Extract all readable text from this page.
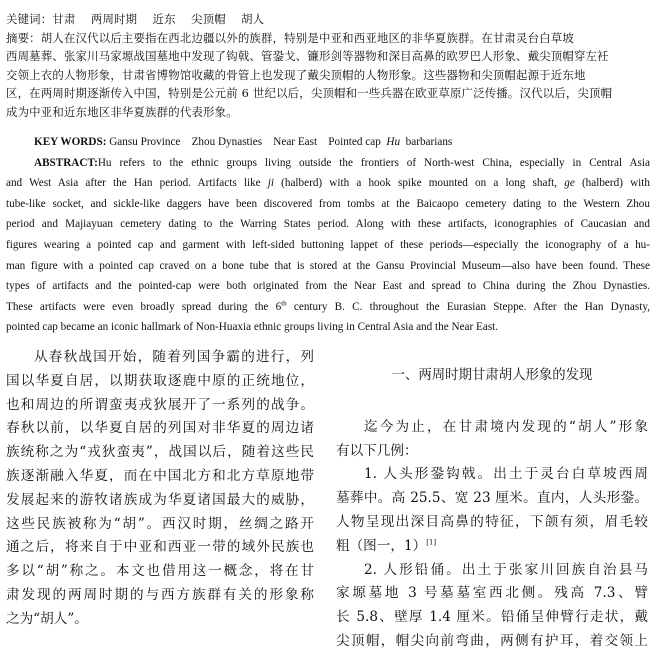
关键词：甘肃 两周时期 近东 尖顶帽 胡人
摘要：胡人在汉代以后主要指在西北边疆以外的族群，特别是中亚和西亚地区的非华夏族群。在甘肃灵台白草坡
西周墓葬、张家川马家塬战国墓地中发现了钩戟、管銎戈、镰形剑等器物和深目高鼻的欧罗巴人形象、戴尖顶帽穿左衽
交领上衣的人物形象，甘肃省博物馆收藏的骨管上也发现了戴尖顶帽的人物形象。这些器物和尖顶帽起源于近东地
区，在两周时期逐渐传入中国，特别是公元前 6 世纪以后，尖顶帽和一些兵器在欧亚草原广泛传播。汉代以后，尖顶帽
成为中亚和近东地区非华夏族群的代表形象。
KEY WORDS: Gansu Province Zhou Dynasties Near East Pointed cap Hu barbarians
ABSTRACT:Hu refers to the ethnic groups living outside the frontiers of North-west China, especially in Central Asia
and West Asia after the Han period. Artifacts like ji (halberd) with a hook spike mounted on a long shaft, ge (halberd) with
tube-like socket, and sickle-like daggers have been discovered from tombs at the Baicaopo cemetery dating to the Western Zhou
period and Majiayuan cemetery dating to the Warring States period. Along with these artifacts, iconographies of Caucasian and
figures wearing a pointed cap and garment with left-sided buttoning lappet of these periods—especially the iconography of a hu-
man figure with a pointed cap craved on a bone tube that is stored at the Gansu Provincial Museum—also have been found. These
types of artifacts and the pointed-cap were both originated from the Near East and spread to China during the Zhou Dynasties.
These artifacts were even broadly spread during the 6th century B. C. throughout the Eurasian Steppe. After the Han Dynasty,
pointed cap became an iconic hallmark of Non-Huaxia ethnic groups living in Central Asia and the Near East.
从春秋战国开始，随着列国争霸的进行，列
国以华夏自居，以期获取逐鹿中原的正统地位，
也和周边的所谓蛮夷戎狄展开了一系列的战争。
春秋以前，以华夏自居的列国对非华夏的周边诸
族统称之为“戎狄蛮夷”，战国以后，随着这些民
族逐渐融入华夏，而在中国北方和北方草原地带
发展起来的游牧诸族成为华夏诸国最大的威胁，
这些民族被称为“胡”。西汉时期，丝绸之路开
通之后，将来自于中亚和西亚一带的域外民族也
多以“胡”称之。本文也借用这一概念，将在甘
肃发现的两周时期的与西方族群有关的形象称
之为“胡人”。
一、两周时期甘肃胡人形象的发现
迄今为止，在甘肃境内发现的“胡人”形象
有以下几例：
1. 人头形銎钩戟。出土于灵台白草坡西周
墓葬中。高 25.5、宽 23 厘米。直内，人头形銎。
人物呈现出深目高鼻的特征，下颌有须，眉毛较
粗（图一，1）[1]
2. 人形铅俑。出土于张家川回族自治县马
家塬墓地 3 号墓墓室西北侧。残高 7.3、臂
长 5.8、壁厚 1.4 厘米。铅俑呈伸臂行走状，戴
尖顶帽，帽尖向前弯曲，两侧有护耳，着交领上
